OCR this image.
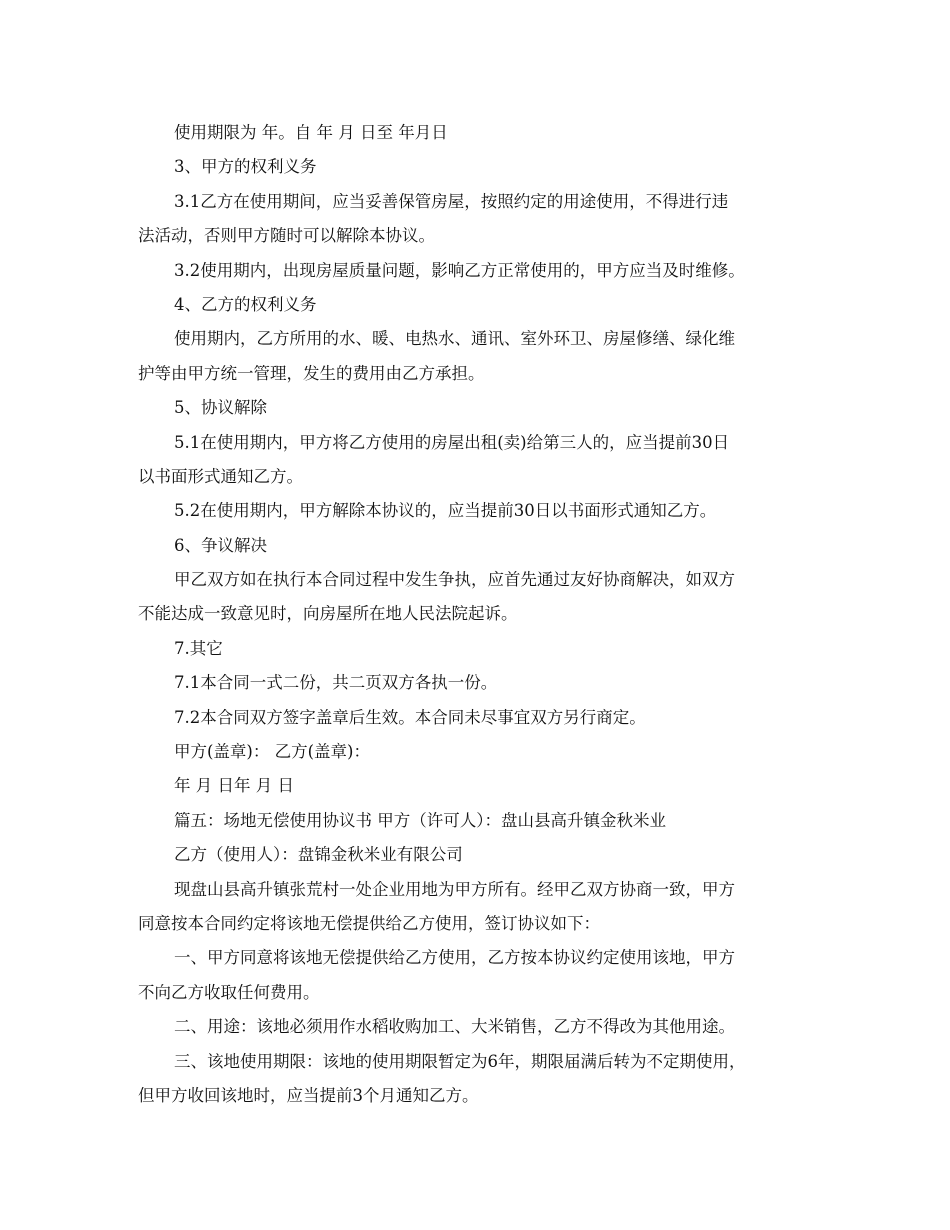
使用期限为 年。自 年 月 日至 年月日
3、甲方的权利义务
3.1乙方在使用期间，应当妥善保管房屋，按照约定的用途使用，不得进行违
法活动，否则甲方随时可以解除本协议。
3.2使用期内，出现房屋质量问题，影响乙方正常使用的，甲方应当及时维修。
4、乙方的权利义务
使用期内，乙方所用的水、暖、电热水、通讯、室外环卫、房屋修缮、绿化维
护等由甲方统一管理，发生的费用由乙方承担。
5、协议解除
5.1在使用期内，甲方将乙方使用的房屋出租(卖)给第三人的，应当提前30日
以书面形式通知乙方。
5.2在使用期内，甲方解除本协议的，应当提前30日以书面形式通知乙方。
6、争议解决
甲乙双方如在执行本合同过程中发生争执，应首先通过友好协商解决，如双方
不能达成一致意见时，向房屋所在地人民法院起诉。
7.其它
7.1本合同一式二份，共二页双方各执一份。
7.2本合同双方签字盖章后生效。本合同未尽事宜双方另行商定。
甲方(盖章)： 乙方(盖章)：
年 月 日年 月 日
篇五：场地无偿使用协议书 甲方（许可人）：盘山县高升镇金秋米业
乙方（使用人）：盘锦金秋米业有限公司
现盘山县高升镇张荒村一处企业用地为甲方所有。经甲乙双方协商一致，甲方
同意按本合同约定将该地无偿提供给乙方使用，签订协议如下：
一、甲方同意将该地无偿提供给乙方使用，乙方按本协议约定使用该地，甲方
不向乙方收取任何费用。
二、用途：该地必须用作水稻收购加工、大米销售，乙方不得改为其他用途。
三、该地使用期限：该地的使用期限暂定为6年，期限届满后转为不定期使用，
但甲方收回该地时，应当提前3个月通知乙方。
